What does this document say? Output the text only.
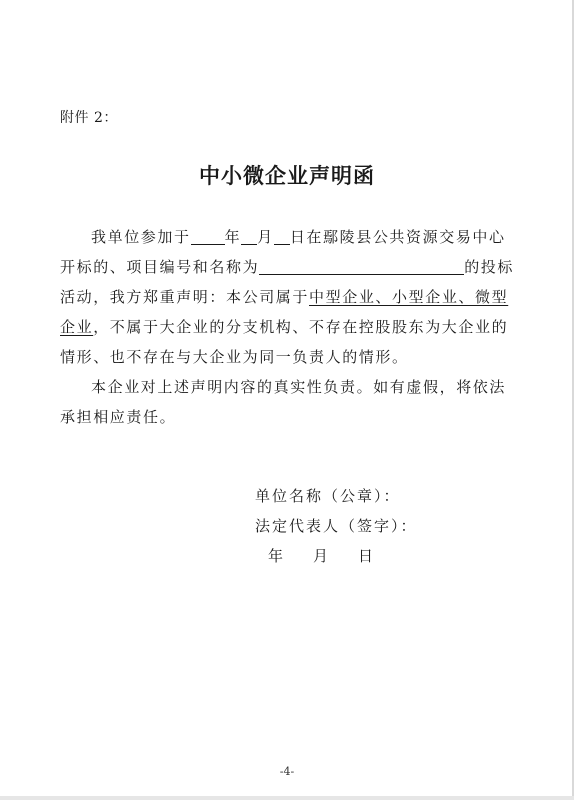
附件 2：
中小微企业声明函

我单位参加于 年 月 日在鄢陵县公共资源交易中心开标的、项目编号和名称为	的投标活动，我方郑重声明：本公司属于中型企业、小型企业、微型企业，不属于大企业的分支机构、不存在控股股东为大企业的情形、也不存在与大企业为同一负责人的情形。

本企业对上述声明内容的真实性负责。如有虚假，将依法承担相应责任。

单位名称（公章）：
法定代表人（签字）：
年 月 日
-4-
